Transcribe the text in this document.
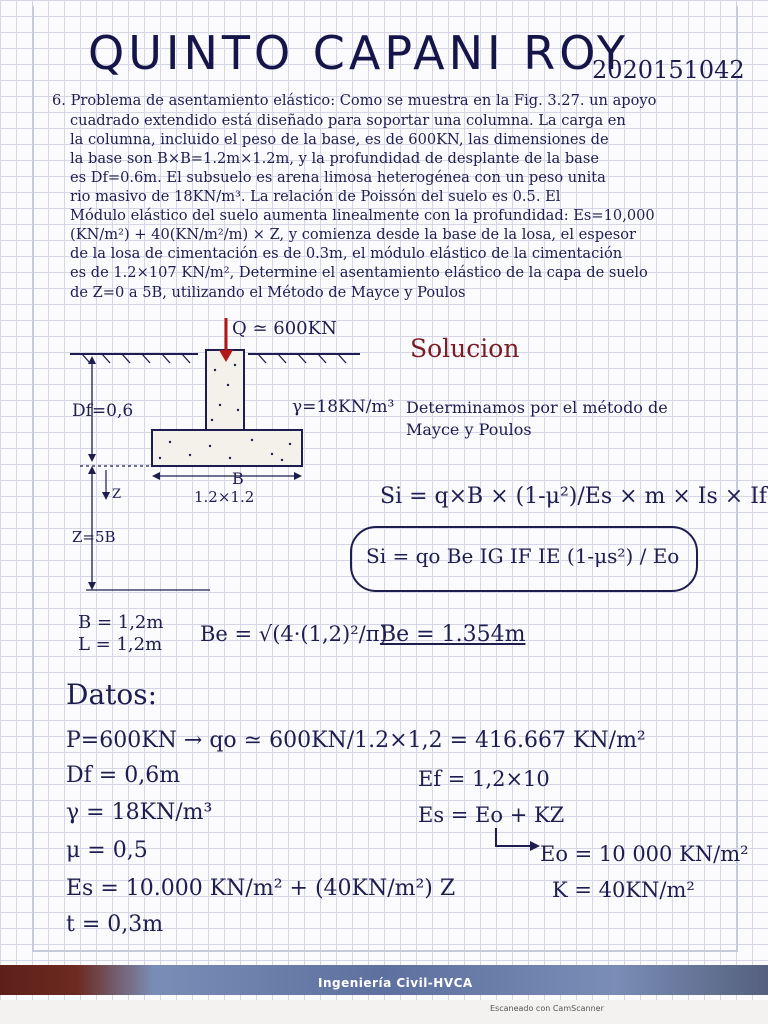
QUINTO CAPANI ROY
2020151042
6. Problema de asentamiento elástico: Como se muestra en la Fig. 3.27. un apoyo
cuadrado extendido está diseñado para soportar una columna. La carga en
la columna, incluido el peso de la base, es de 600KN, las dimensiones de
la base son B×B=1.2m×1.2m, y la profundidad de desplante de la base
es Df=0.6m. El subsuelo es arena limosa heterogénea con un peso unita
rio masivo de 18KN/m³. La relación de Poissón del suelo es 0.5. El
Módulo elástico del suelo aumenta linealmente con la profundidad: Es=10,000
(KN/m²) + 40(KN/m²/m) × Z, y comienza desde la base de la losa, el espesor
de la losa de cimentación es de 0.3m, el módulo elástico de la cimentación
es de 1.2×107 KN/m², Determine el asentamiento elástico de la capa de suelo
de Z=0 a 5B, utilizando el Método de Mayce y Poulos
Q ≃ 600KN
Df=0,6	γ=18KN/m³
B
1.2×1.2
Z
Z=5B
Solucion
Determinamos por el método de
Mayce y Poulos
Si = q×B × (1-μ²)/Es × m × Is × If
Si = qo Be IG IF IE (1-μs²) / Eo
B = 1,2m
L = 1,2m Be = √(4·(1,2)²/π)
Be = 1.354m
Datos:
P=600KN → qo ≃ 600KN/1.2×1,2 = 416.667 KN/m²
Df = 0,6m
γ = 18KN/m³
μ = 0,5
Es = 10.000 KN/m² + (40KN/m²) Z
t = 0,3m
Ef = 1,2×10
Es = Eo + KZ
Eo = 10 000 KN/m²
K = 40KN/m²
Ingeniería Civil-HVCA
Escaneado con CamScanner
